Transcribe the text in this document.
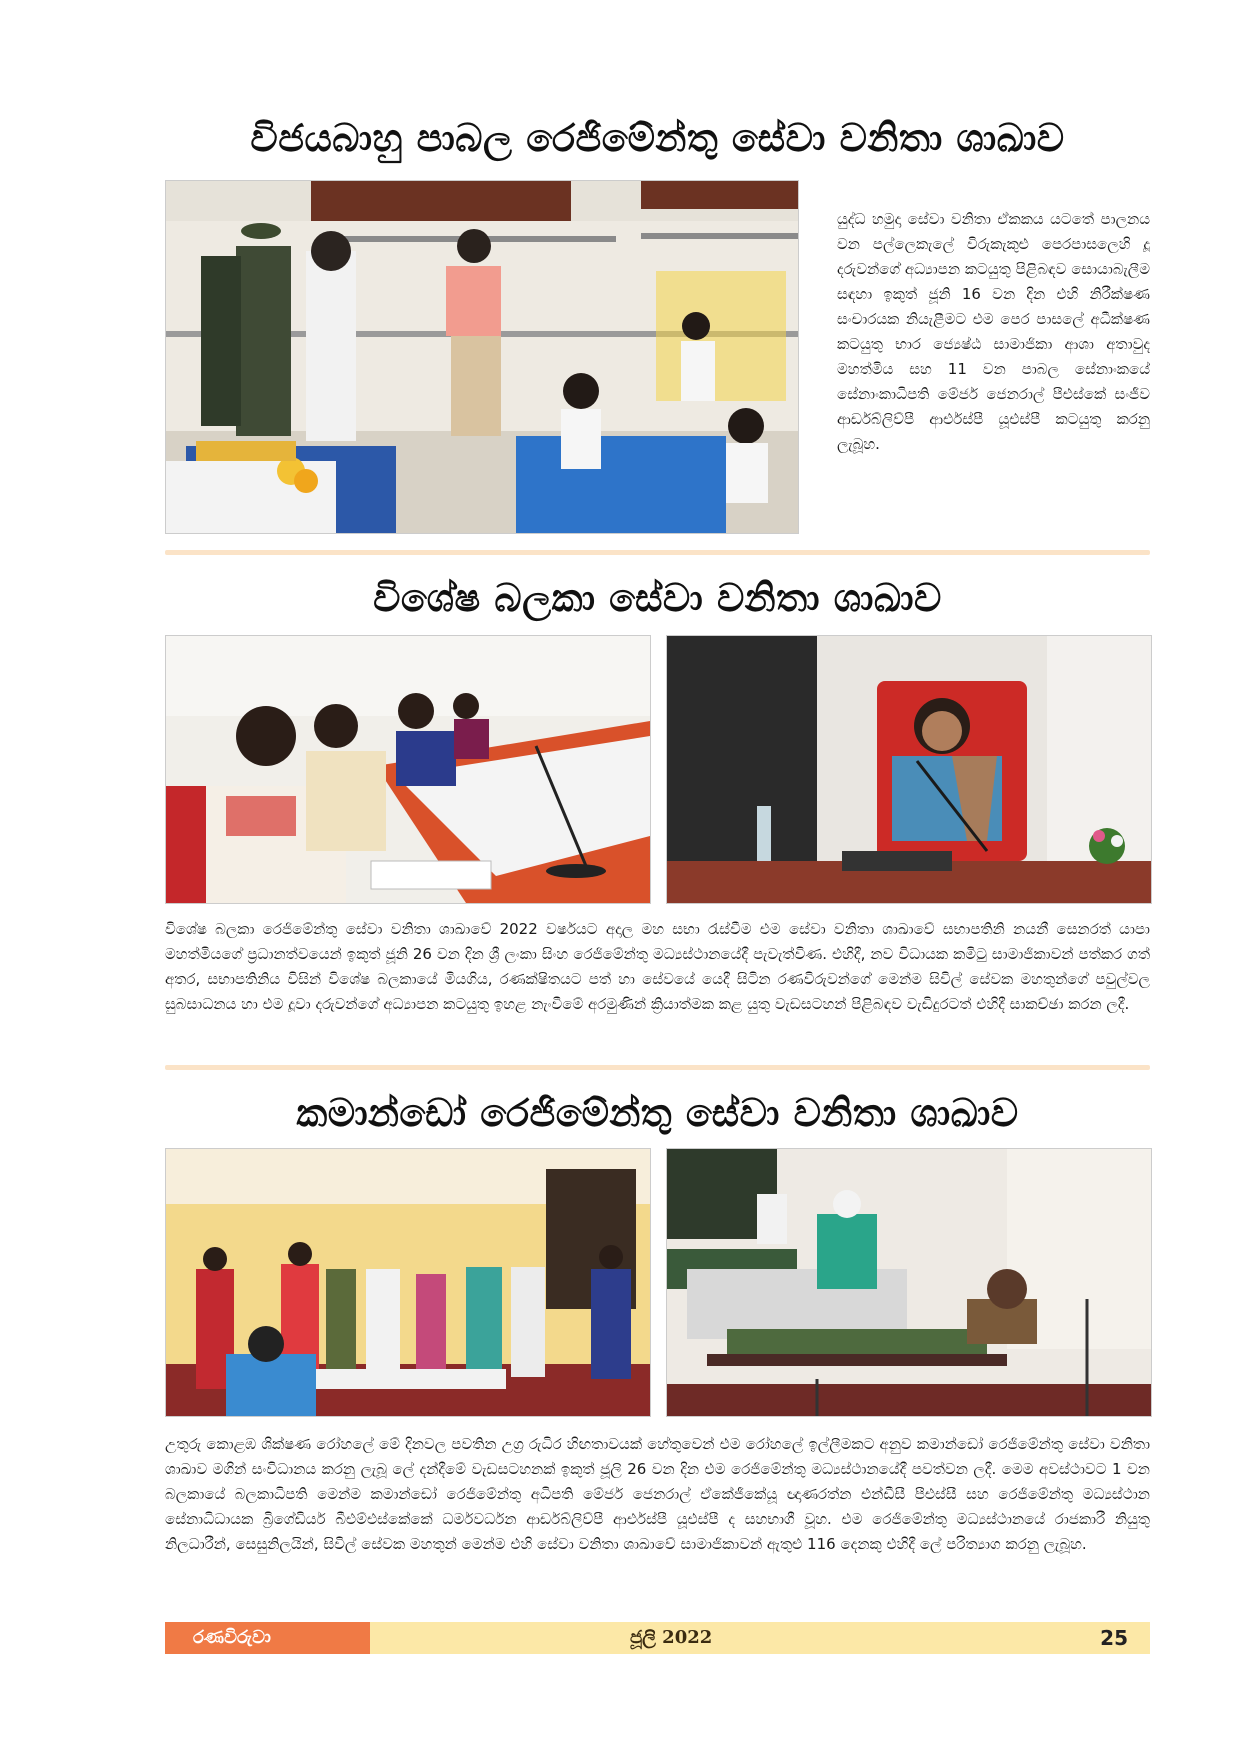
විජයබාහු පාබල රෙජිමේන්තු සේවා වනිතා ශාඛාව

යුද්ධ හමුදා සේවා වනිතා ඒකකය යටතේ පාලනය වන පල්ලෙකැලේ විරුකැකුළු පෙරපාසලෙහි දූ දරුවන්ගේ අධ්‍යාපන කටයුතු පිළිබඳව සොයාබැලීම සඳහා ඉකුත් ජූනි 16 වන දින එහි නිරීක්ෂණ සංචාරයක නියැළීමට එම පෙර පාසලේ අධීක්ෂණ කටයුතු භාර ජ්‍යෙෂ්ඨ සාමාජිකා ආශා අතාවුද මහත්මිය සහ 11 වන පාබල සේනාංකයේ සේනාංකාධිපති මේජර් ජෙනරාල් පීඑස්කේ සංජීව ආර්ඩබ්ලිව්පී ආර්එස්පී යූඑස්පී කටයුතු කරනු ලැබූහ.

විශේෂ බලකා සේවා වනිතා ශාඛාව

විශේෂ බලකා රෙජිමේන්තු සේවා වනිතා ශාඛාවේ 2022 වර්ෂයට අදාල මහ සභා රැස්වීම එම සේවා වනිතා ශාඛාවේ සභාපතිනි නයනී සෙනරත් යාපා මහත්මියගේ ප්‍රධානත්වයෙන් ඉකුත් ජූනි 26 වන දින ශ්‍රී ලංකා සිංහ රෙජිමේන්තු මධ්‍යස්ථානයේදී පැවැත්විණ. එහිදී, නව විධායක කමිටු සාමාජිකාවන් පත්කර ගත් අතර, සභාපතිනිය විසින් විශේෂ බලකායේ මියගිය, රණක්ෂිතයට පත් හා සේවයේ යෙදී සිටින රණවිරුවන්ගේ මෙන්ම සිවිල් සේවක මහතුන්ගේ පවුල්වල සුබසාධනය හා එම දූවා දරුවන්ගේ අධ්‍යාපන කටයුතු ඉහළ නැංවීමේ අරමුණින් ක්‍රියාත්මක කළ යුතු වැඩසටහන් පිළිබඳව වැඩිදුරටත් එහිදී සාකච්ඡා කරන ලදී.

කමාන්ඩෝ රෙජිමේන්තු සේවා වනිතා ශාඛාව

උතුරු කොළඹ ශික්ෂණ රෝහලේ මේ දිනවල පවතින උග්‍ර රුධිර හිඟතාවයක් හේතුවෙන් එම රෝහලේ ඉල්ලීමකට අනුව කමාන්ඩෝ රෙජිමේන්තු සේවා වනිතා ශාඛාව මගින් සංවිධානය කරනු ලැබූ ලේ දන්දීමේ වැඩසටහනක් ඉකුත් ජූලි 26 වන දින එම රෙජිමේන්තු මධ්‍යස්ථානයේදී පවත්වන ලදී. මෙම අවස්ථාවට 1 වන බලකායේ බලකාධිපති මෙන්ම කමාන්ඩෝ රෙජිමේන්තු අධිපති මේජර් ජෙනරාල් ඒකේජීකේයූ ඥාණරත්න එන්ඩීසී පීඑස්සී සහ රෙජිමේන්තු මධ්‍යස්ථාන සේනාධිධායක බ්‍රිගේඩියර් බීඑම්එස්කේකේ ධර්මවර්ධන ආර්ඩබ්ලිව්පී ආර්එස්පී යූඑස්පී ද සහභාගී වූහ. එම රෙජිමේන්තු මධ්‍යස්ථානයේ රාජකාරී නියුතු නිලධාරීන්, සෙසුනිලයින්, සිවිල් සේවක මහතුන් මෙන්ම එහි සේවා වනිතා ශාඛාවේ සාමාජිකාවන් ඇතුළු 116 දෙනකු එහිදී ලේ පරිත්‍යාග කරනු ලැබූහ.

රණවිරුවා	ජූලි 2022	25
